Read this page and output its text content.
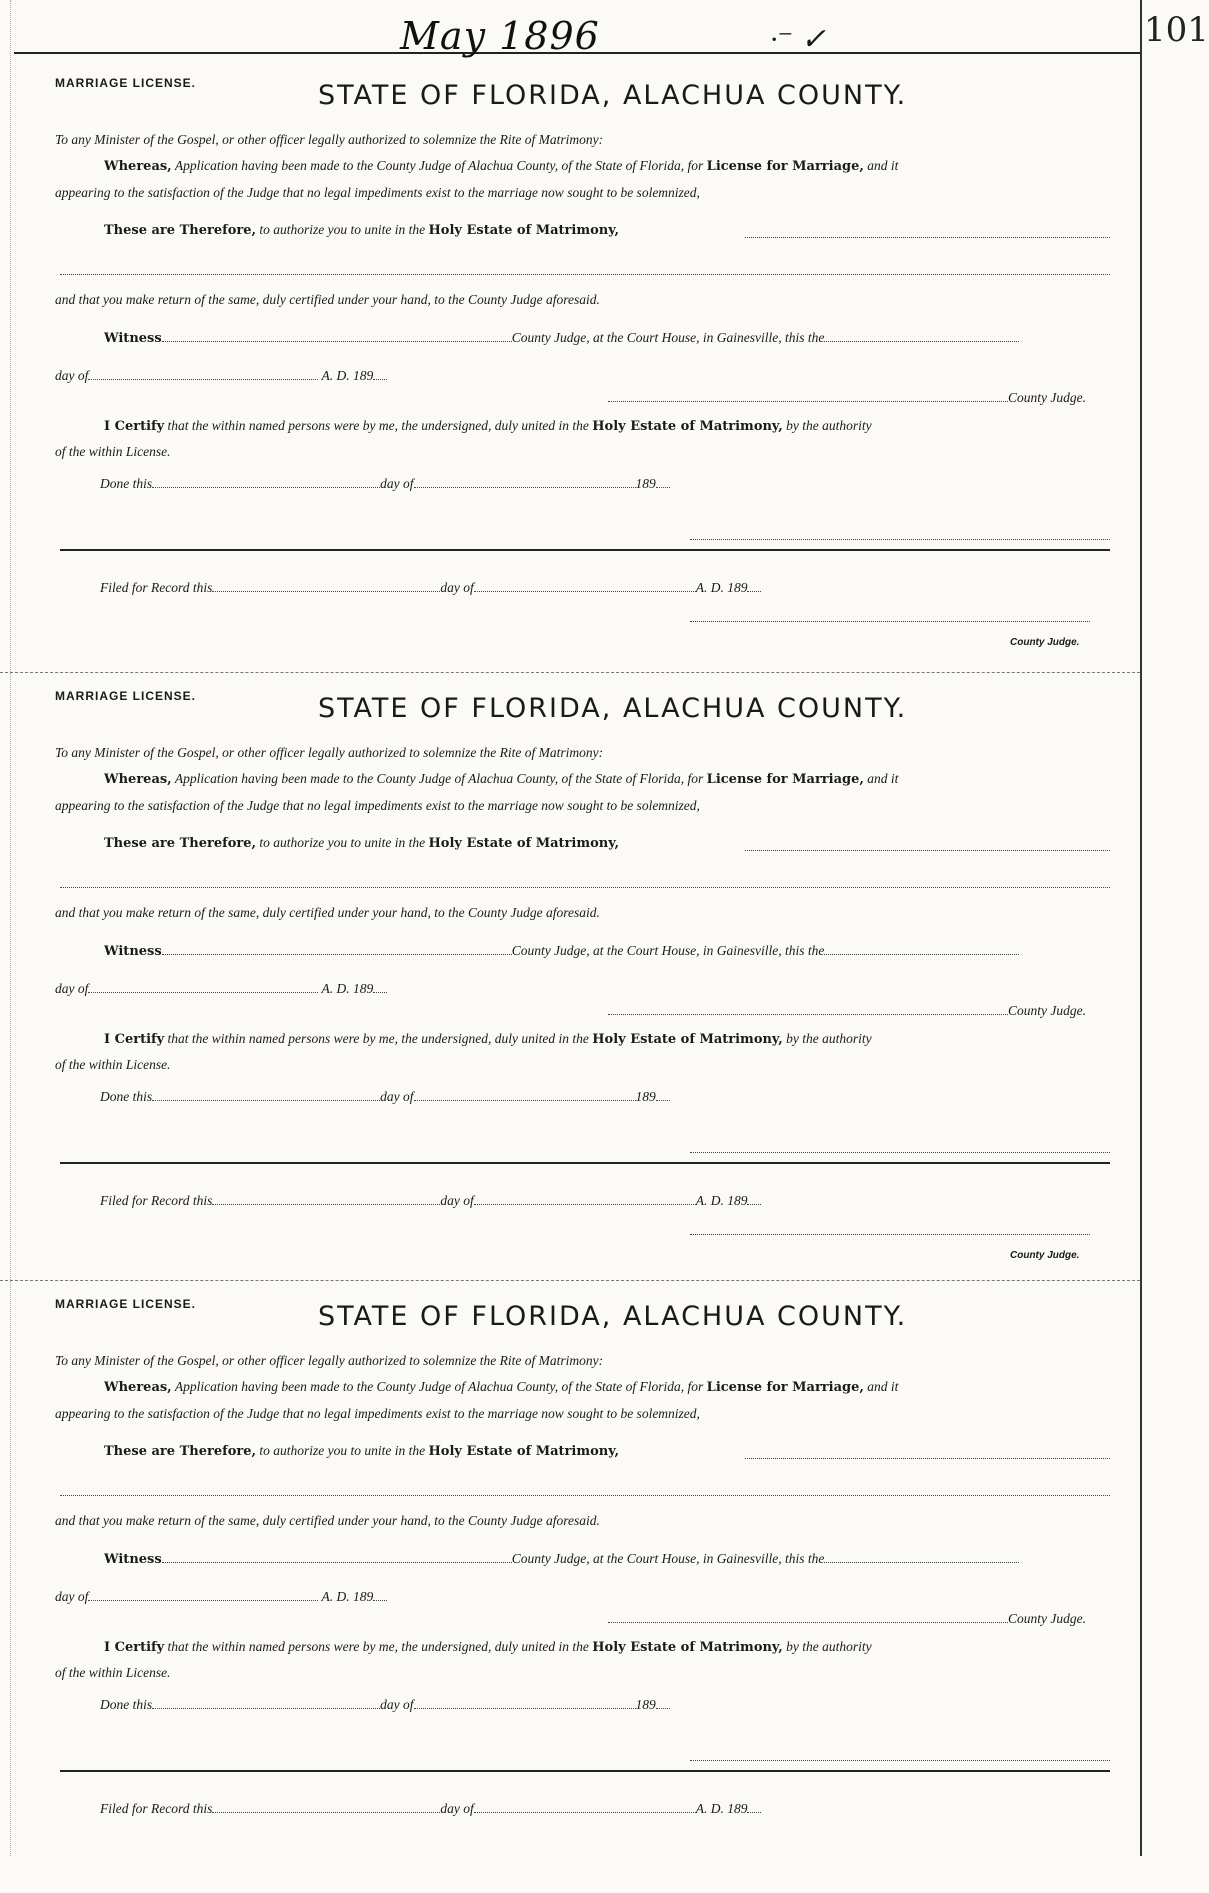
May 1896	·⁻ ✓	101
MARRIAGE LICENSE.	STATE OF FLORIDA, ALACHUA COUNTY.
To any Minister of the Gospel, or other officer legally authorized to solemnize the Rite of Matrimony:
Whereas, Application having been made to the County Judge of Alachua County, of the State of Florida, for License for Marriage, and it
appearing to the satisfaction of the Judge that no legal impediments exist to the marriage now sought to be solemnized,
These are Therefore, to authorize you to unite in the Holy Estate of Matrimony,
and that you make return of the same, duly certified under your hand, to the County Judge aforesaid.
Witness	County Judge, at the Court House, in Gainesville, this the
day of	A. D. 189
County Judge.
I Certify that the within named persons were by me, the undersigned, duly united in the Holy Estate of Matrimony, by the authority
of the within License.
Done this	day of	189
Filed for Record this	day of	A. D. 189
County Judge.
MARRIAGE LICENSE.	STATE OF FLORIDA, ALACHUA COUNTY.
To any Minister of the Gospel, or other officer legally authorized to solemnize the Rite of Matrimony:
Whereas, Application having been made to the County Judge of Alachua County, of the State of Florida, for License for Marriage, and it
appearing to the satisfaction of the Judge that no legal impediments exist to the marriage now sought to be solemnized,
These are Therefore, to authorize you to unite in the Holy Estate of Matrimony,
and that you make return of the same, duly certified under your hand, to the County Judge aforesaid.
Witness	County Judge, at the Court House, in Gainesville, this the
day of	A. D. 189
County Judge.
I Certify that the within named persons were by me, the undersigned, duly united in the Holy Estate of Matrimony, by the authority
of the within License.
Done this	day of	189
Filed for Record this	day of	A. D. 189
County Judge.
MARRIAGE LICENSE.	STATE OF FLORIDA, ALACHUA COUNTY.
To any Minister of the Gospel, or other officer legally authorized to solemnize the Rite of Matrimony:
Whereas, Application having been made to the County Judge of Alachua County, of the State of Florida, for License for Marriage, and it
appearing to the satisfaction of the Judge that no legal impediments exist to the marriage now sought to be solemnized,
These are Therefore, to authorize you to unite in the Holy Estate of Matrimony,
and that you make return of the same, duly certified under your hand, to the County Judge aforesaid.
Witness	County Judge, at the Court House, in Gainesville, this the
day of	A. D. 189
County Judge.
I Certify that the within named persons were by me, the undersigned, duly united in the Holy Estate of Matrimony, by the authority
of the within License.
Done this	day of	189
Filed for Record this	day of	A. D. 189
